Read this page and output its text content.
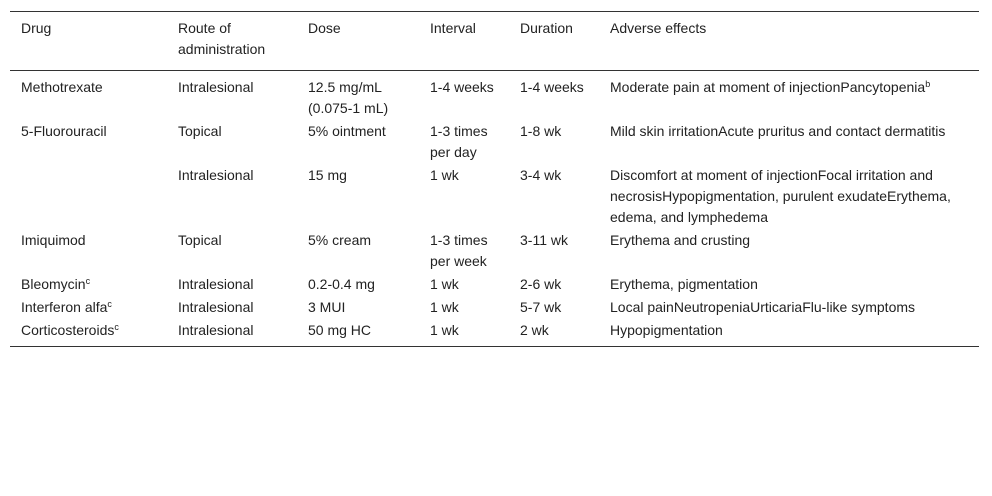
Drug	Route of administration	Dose	Interval	Duration	Adverse effects
Methotrexate	Intralesional	12.5 mg/mL (0.075-1 mL)	1-4 weeks	1-4 weeks	Moderate pain at moment of injectionPancytopenia$^b$
5-Fluorouracil	Topical	5% ointment	1-3 times per day	1-8 wk	Mild skin irritationAcute pruritus and contact dermatitis
	Intralesional	15 mg	1 wk	3-4 wk	Discomfort at moment of injectionFocal irritation and necrosisHypopigmentation, purulent exudateErythema, edema, and lymphedema
Imiquimod	Topical	5% cream	1-3 times per week	3-11 wk	Erythema and crusting
Bleomycin$^c$	Intralesional	0.2-0.4 mg	1 wk	2-6 wk	Erythema, pigmentation
Interferon alfa$^c$	Intralesional	3 MUI	1 wk	5-7 wk	Local painNeutropeniaUrticariaFlu-like symptoms
Corticosteroids$^c$	Intralesional	50 mg HC	1 wk	2 wk	Hypopigmentation
